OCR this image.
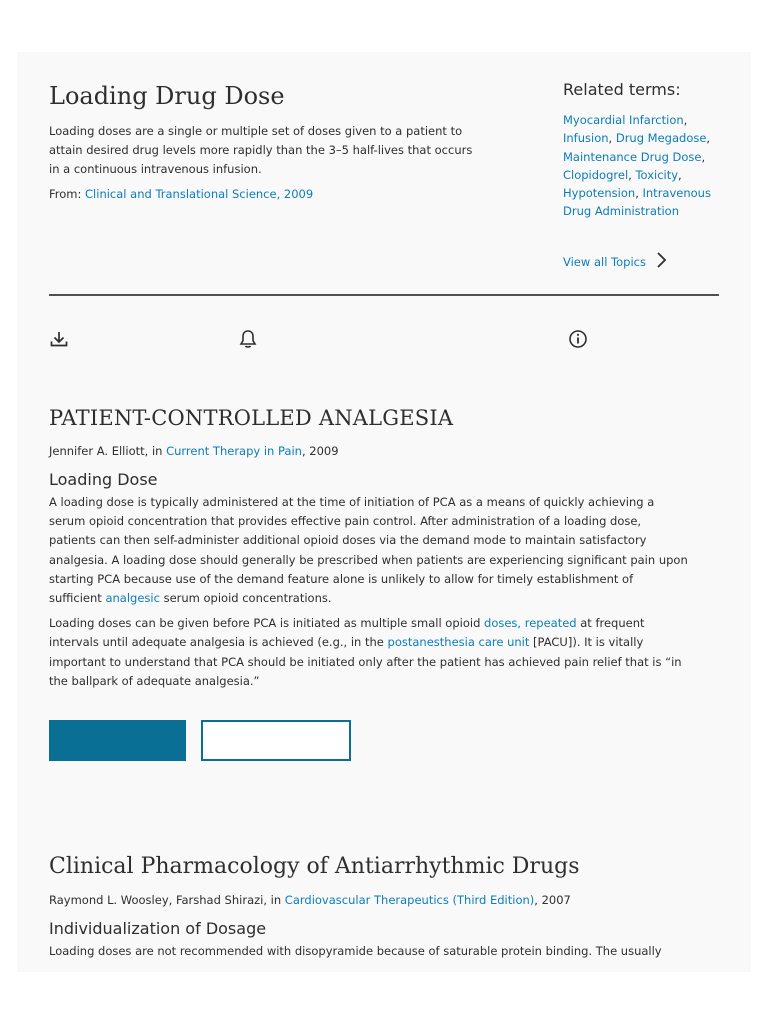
Loading Drug Dose

Loading doses are a single or multiple set of doses given to a patient to attain desired drug levels more rapidly than the 3–5 half-lives that occurs in a continuous intravenous infusion.

From: Clinical and Translational Science, 2009

Related terms:
Myocardial Infarction,
Infusion, Drug Megadose,
Maintenance Drug Dose,
Clopidogrel, Toxicity,
Hypotension, Intravenous Drug Administration
View all Topics
PATIENT-CONTROLLED ANALGESIA

Jennifer A. Elliott, in Current Therapy in Pain, 2009

Loading Dose

A loading dose is typically administered at the time of initiation of PCA as a means of quickly achieving a serum opioid concentration that provides effective pain control. After administration of a loading dose, patients can then self-administer additional opioid doses via the demand mode to maintain satisfactory analgesia. A loading dose should generally be prescribed when patients are experiencing significant pain upon starting PCA because use of the demand feature alone is unlikely to allow for timely establishment of sufficient analgesic serum opioid concentrations.

Loading doses can be given before PCA is initiated as multiple small opioid doses, repeated at frequent intervals until adequate analgesia is achieved (e.g., in the postanesthesia care unit [PACU]). It is vitally important to understand that PCA should be initiated only after the patient has achieved pain relief that is “in the ballpark of adequate analgesia.”

Clinical Pharmacology of Antiarrhythmic Drugs

Raymond L. Woosley, Farshad Shirazi, in Cardiovascular Therapeutics (Third Edition), 2007

Individualization of Dosage

Loading doses are not recommended with disopyramide because of saturable protein binding. The usually
